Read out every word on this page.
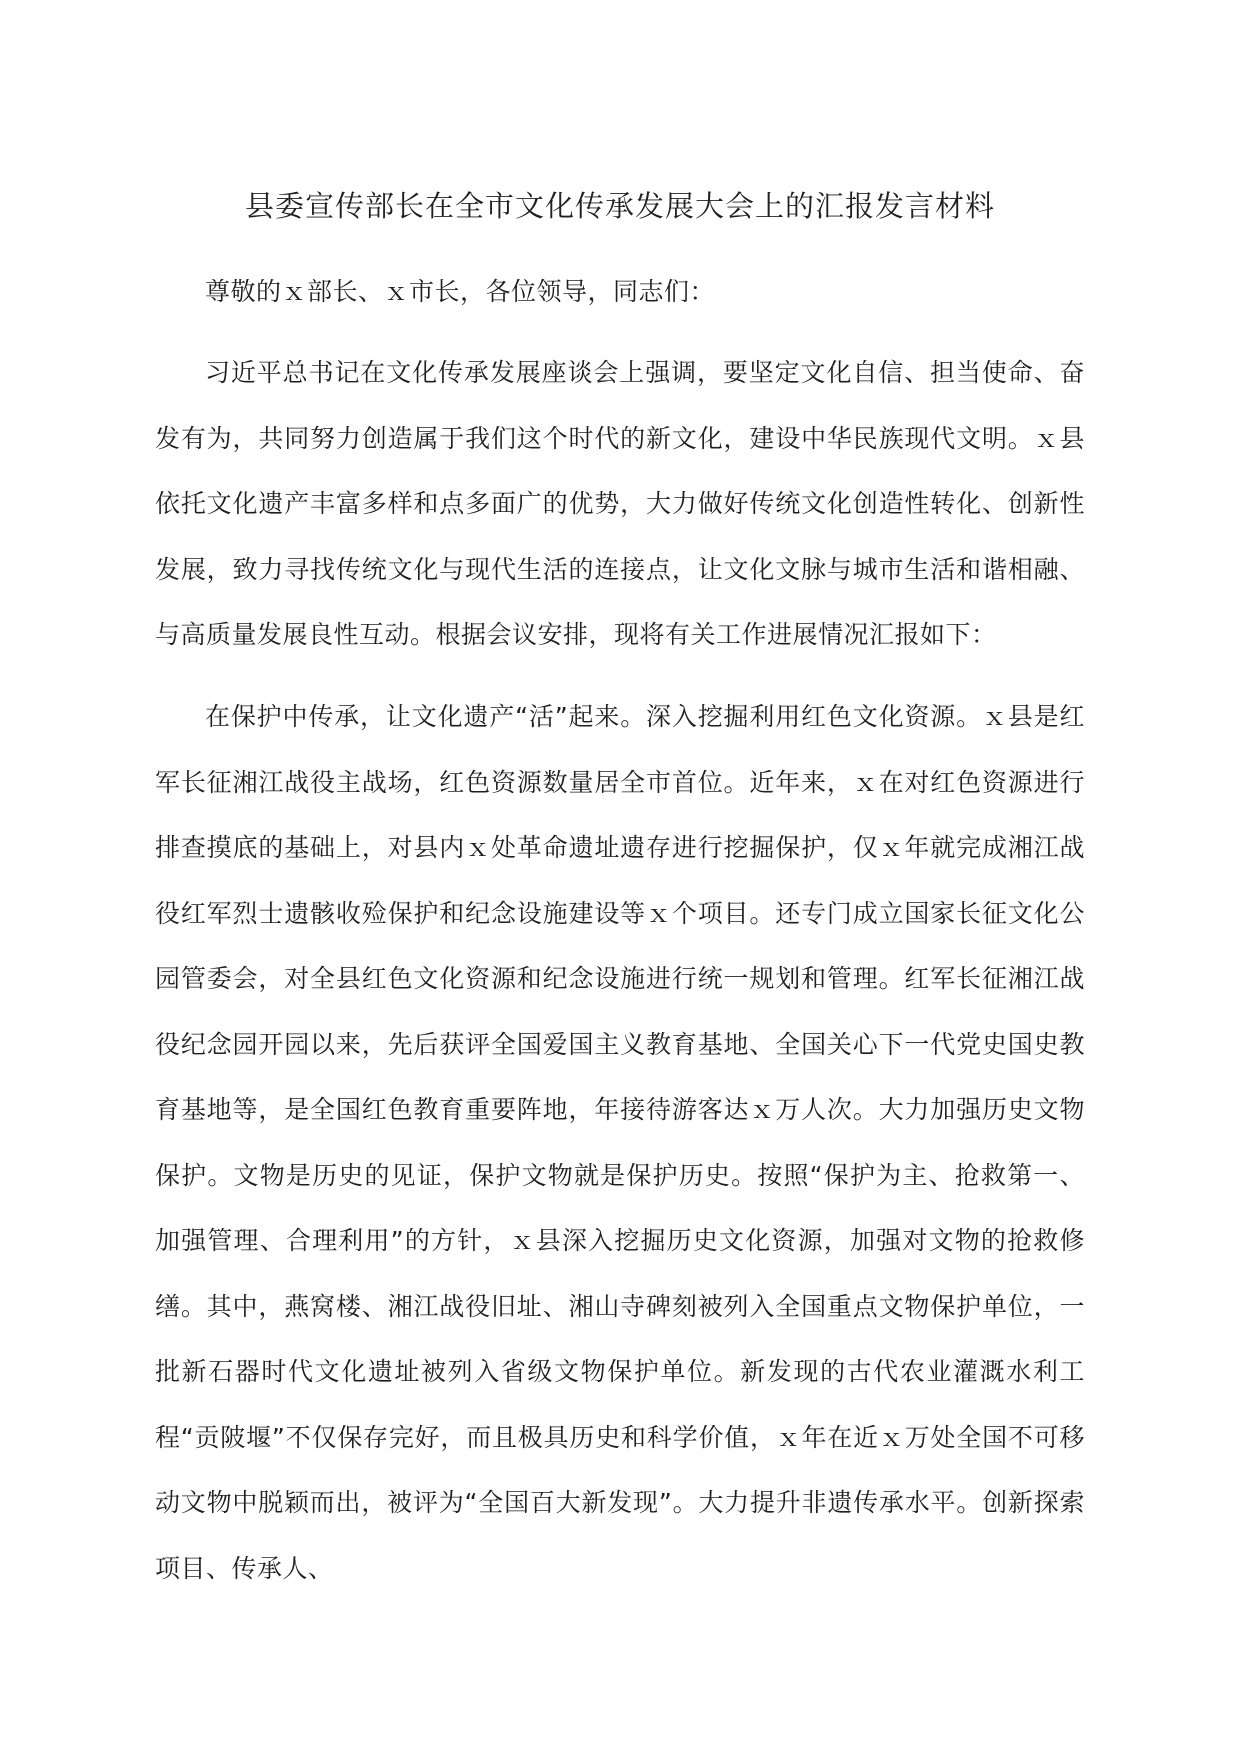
县委宣传部长在全市文化传承发展大会上的汇报发言材料

尊敬的ｘ部长、ｘ市长，各位领导，同志们：

习近平总书记在文化传承发展座谈会上强调，要坚定文化自信、担当使命、奋发有为，共同努力创造属于我们这个时代的新文化，建设中华民族现代文明。ｘ县依托文化遗产丰富多样和点多面广的优势，大力做好传统文化创造性转化、创新性发展，致力寻找传统文化与现代生活的连接点，让文化文脉与城市生活和谐相融、与高质量发展良性互动。根据会议安排，现将有关工作进展情况汇报如下：

在保护中传承，让文化遗产“活”起来。深入挖掘利用红色文化资源。ｘ县是红军长征湘江战役主战场，红色资源数量居全市首位。近年来，ｘ在对红色资源进行排查摸底的基础上，对县内ｘ处革命遗址遗存进行挖掘保护，仅ｘ年就完成湘江战役红军烈士遗骸收殓保护和纪念设施建设等ｘ个项目。还专门成立国家长征文化公园管委会，对全县红色文化资源和纪念设施进行统一规划和管理。红军长征湘江战役纪念园开园以来，先后获评全国爱国主义教育基地、全国关心下一代党史国史教育基地等，是全国红色教育重要阵地，年接待游客达ｘ万人次。大力加强历史文物保护。文物是历史的见证，保护文物就是保护历史。按照“保护为主、抢救第一、加强管理、合理利用”的方针，ｘ县深入挖掘历史文化资源，加强对文物的抢救修缮。其中，燕窝楼、湘江战役旧址、湘山寺碑刻被列入全国重点文物保护单位，一批新石器时代文化遗址被列入省级文物保护单位。新发现的古代农业灌溉水利工程“贡陂堰”不仅保存完好，而且极具历史和科学价值，ｘ年在近ｘ万处全国不可移动文物中脱颖而出，被评为“全国百大新发现”。大力提升非遗传承水平。创新探索项目、传承人、
